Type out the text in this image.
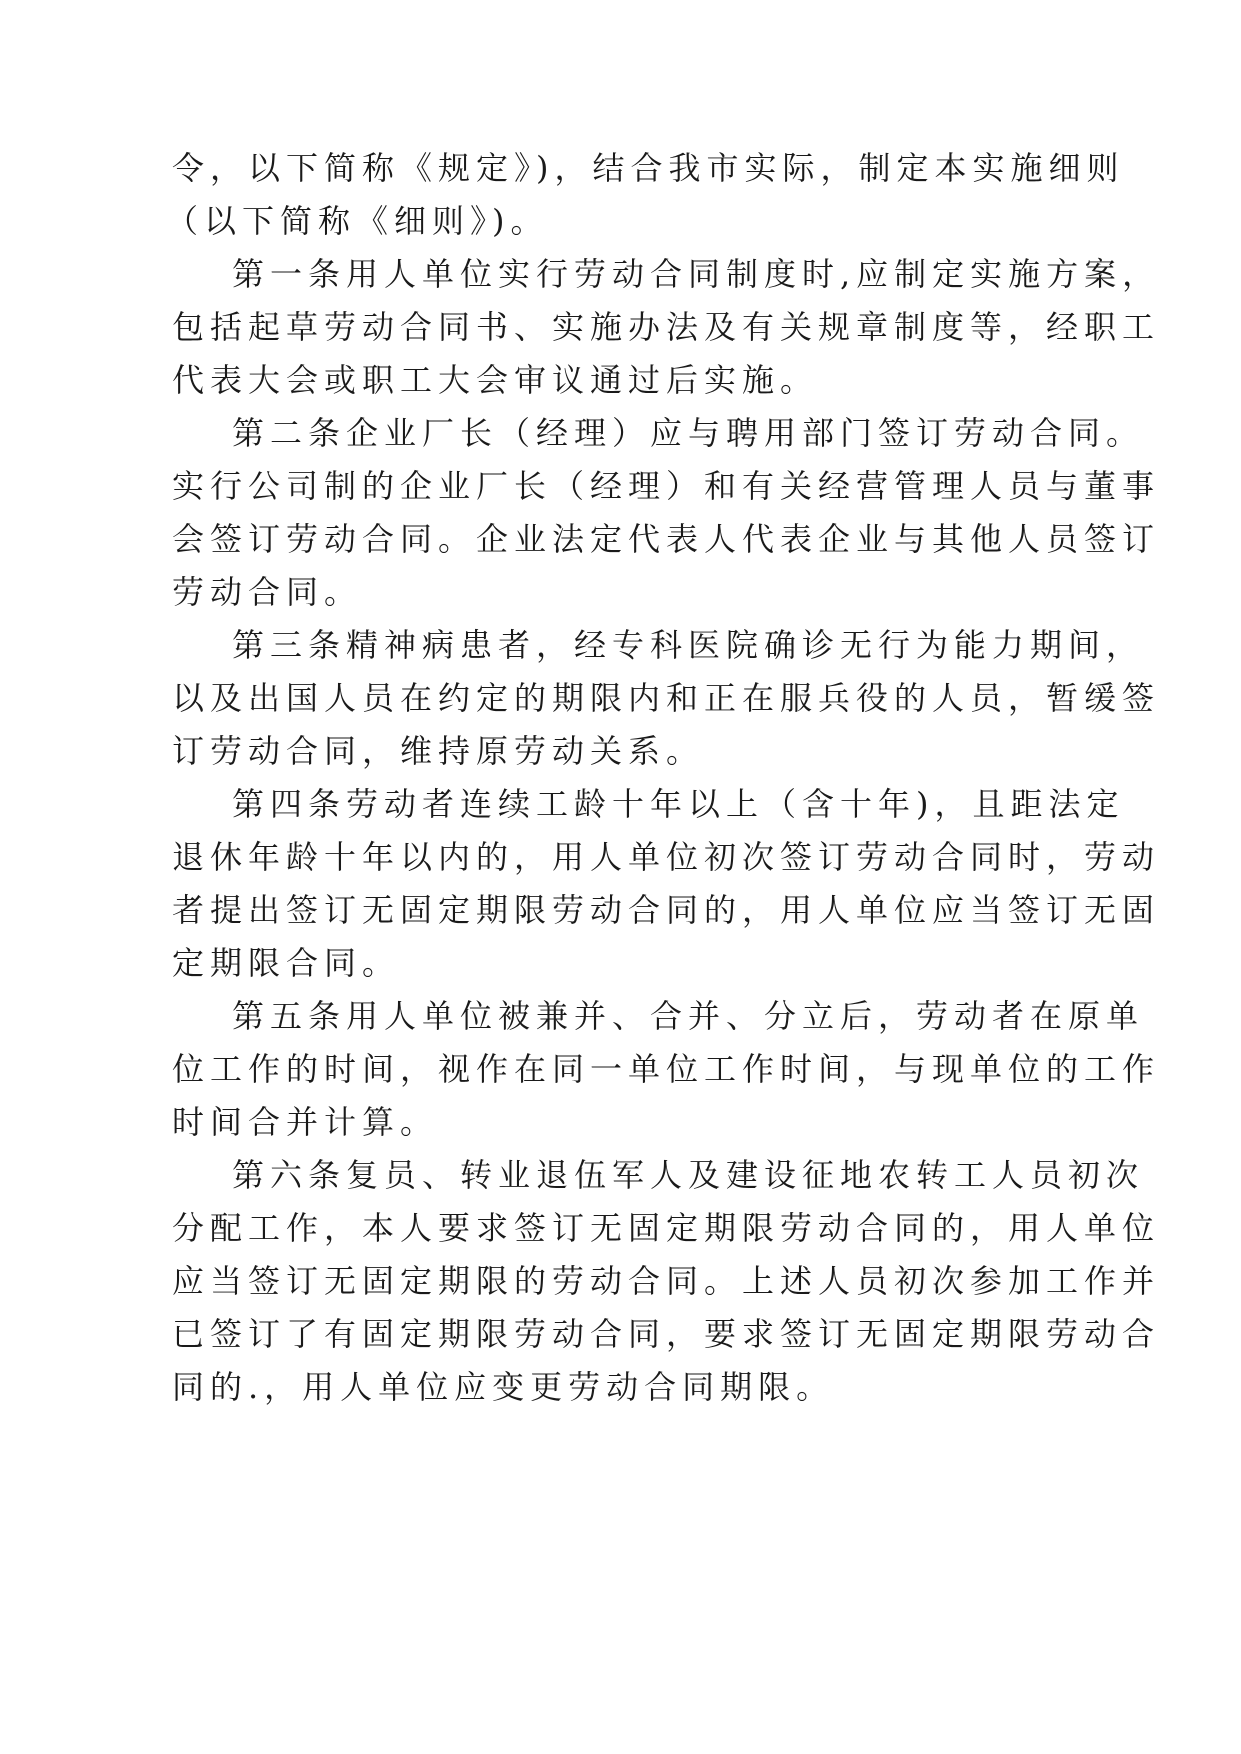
令，以下简称《规定》)，结合我市实际，制定本实施细则
（以下简称《细则》)。
第一条用人单位实行劳动合同制度时,应制定实施方案，
包括起草劳动合同书、实施办法及有关规章制度等，经职工
代表大会或职工大会审议通过后实施。
第二条企业厂长（经理）应与聘用部门签订劳动合同。
实行公司制的企业厂长（经理）和有关经营管理人员与董事
会签订劳动合同。企业法定代表人代表企业与其他人员签订
劳动合同。
第三条精神病患者，经专科医院确诊无行为能力期间，
以及出国人员在约定的期限内和正在服兵役的人员，暂缓签
订劳动合同，维持原劳动关系。
第四条劳动者连续工龄十年以上（含十年)，且距法定
退休年龄十年以内的，用人单位初次签订劳动合同时，劳动
者提出签订无固定期限劳动合同的，用人单位应当签订无固
定期限合同。
第五条用人单位被兼并、合并、分立后，劳动者在原单
位工作的时间，视作在同一单位工作时间，与现单位的工作
时间合并计算。
第六条复员、转业退伍军人及建设征地农转工人员初次
分配工作，本人要求签订无固定期限劳动合同的，用人单位
应当签订无固定期限的劳动合同。上述人员初次参加工作并
已签订了有固定期限劳动合同，要求签订无固定期限劳动合
同的.，用人单位应变更劳动合同期限。
